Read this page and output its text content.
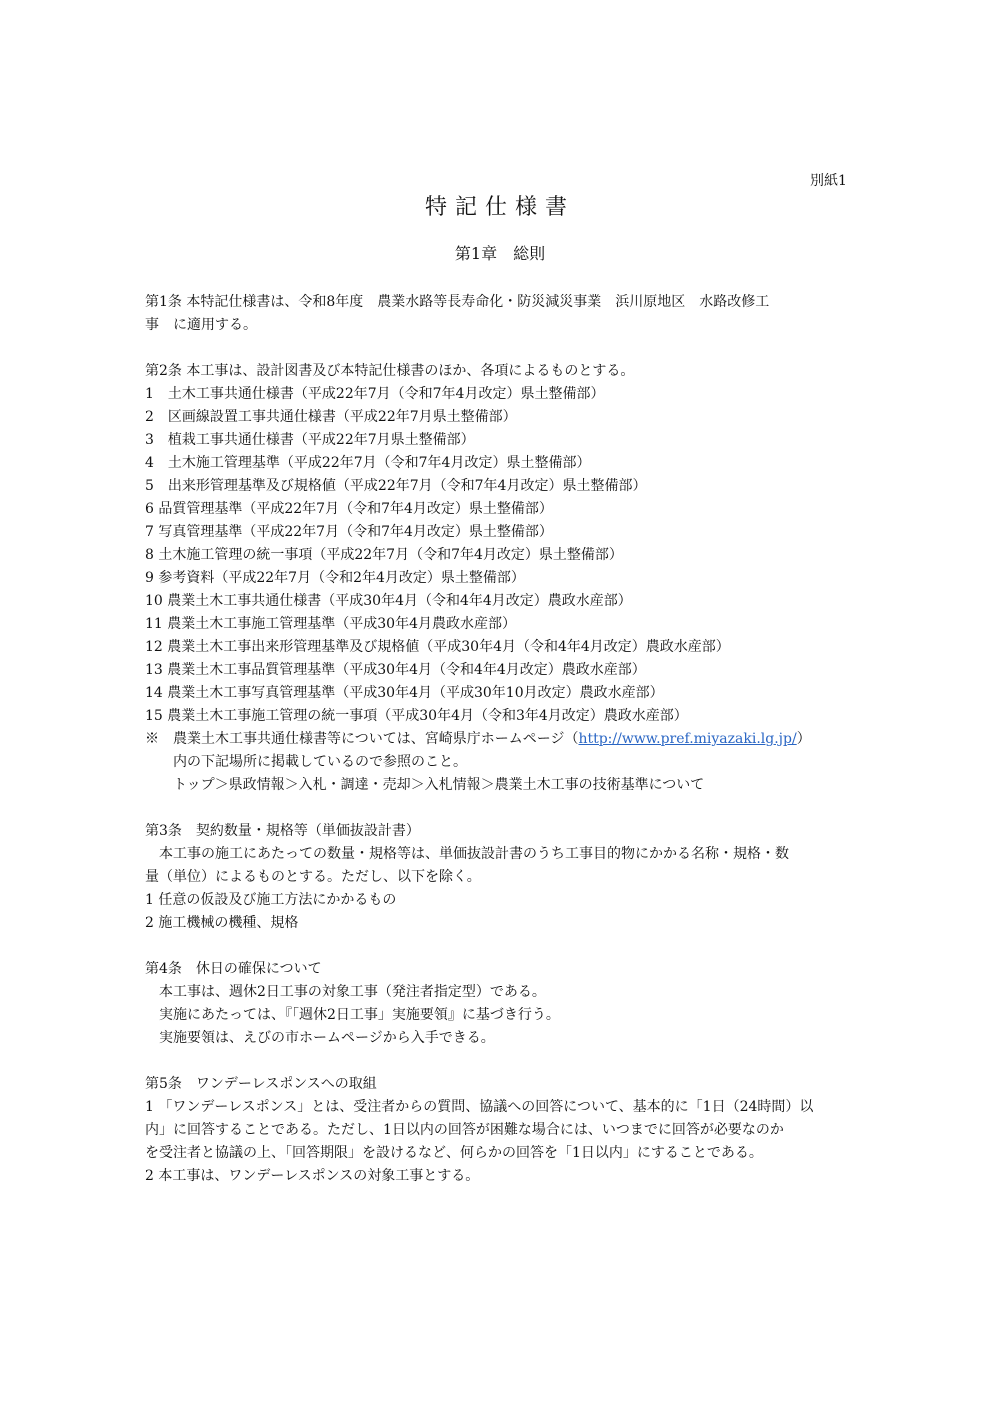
別紙1
特記仕様書
第1章　総則
第1条 本特記仕様書は、令和8年度　農業水路等長寿命化・防災減災事業　浜川原地区　水路改修工
事　に適用する。
第2条 本工事は、設計図書及び本特記仕様書のほか、各項によるものとする。
1　土木工事共通仕様書（平成22年7月（令和7年4月改定）県土整備部）
2　区画線設置工事共通仕様書（平成22年7月県土整備部）
3　植栽工事共通仕様書（平成22年7月県土整備部）
4　土木施工管理基準（平成22年7月（令和7年4月改定）県土整備部）
5　出来形管理基準及び規格値（平成22年7月（令和7年4月改定）県土整備部）
6 品質管理基準（平成22年7月（令和7年4月改定）県土整備部）
7 写真管理基準（平成22年7月（令和7年4月改定）県土整備部）
8 土木施工管理の統一事項（平成22年7月（令和7年4月改定）県土整備部）
9 参考資料（平成22年7月（令和2年4月改定）県土整備部）
10 農業土木工事共通仕様書（平成30年4月（令和4年4月改定）農政水産部）
11 農業土木工事施工管理基準（平成30年4月農政水産部）
12 農業土木工事出来形管理基準及び規格値（平成30年4月（令和4年4月改定）農政水産部）
13 農業土木工事品質管理基準（平成30年4月（令和4年4月改定）農政水産部）
14 農業土木工事写真管理基準（平成30年4月（平成30年10月改定）農政水産部）
15 農業土木工事施工管理の統一事項（平成30年4月（令和3年4月改定）農政水産部）
※　農業土木工事共通仕様書等については、宮崎県庁ホームページ（http://www.pref.miyazaki.lg.jp/）
内の下記場所に掲載しているので参照のこと。
トップ＞県政情報＞入札・調達・売却＞入札情報＞農業土木工事の技術基準について
第3条　契約数量・規格等（単価抜設計書）
本工事の施工にあたっての数量・規格等は、単価抜設計書のうち工事目的物にかかる名称・規格・数
量（単位）によるものとする。ただし、以下を除く。
1 任意の仮設及び施工方法にかかるもの
2 施工機械の機種、規格
第4条　休日の確保について
本工事は、週休2日工事の対象工事（発注者指定型）である。
実施にあたっては、『「週休2日工事」実施要領』に基づき行う。
実施要領は、えびの市ホームページから入手できる。
第5条　ワンデーレスポンスへの取組
1 「ワンデーレスポンス」とは、受注者からの質問、協議への回答について、基本的に「1日（24時間）以
内」に回答することである。ただし、1日以内の回答が困難な場合には、いつまでに回答が必要なのか
を受注者と協議の上、「回答期限」を設けるなど、何らかの回答を「1日以内」にすることである。
2 本工事は、ワンデーレスポンスの対象工事とする。
